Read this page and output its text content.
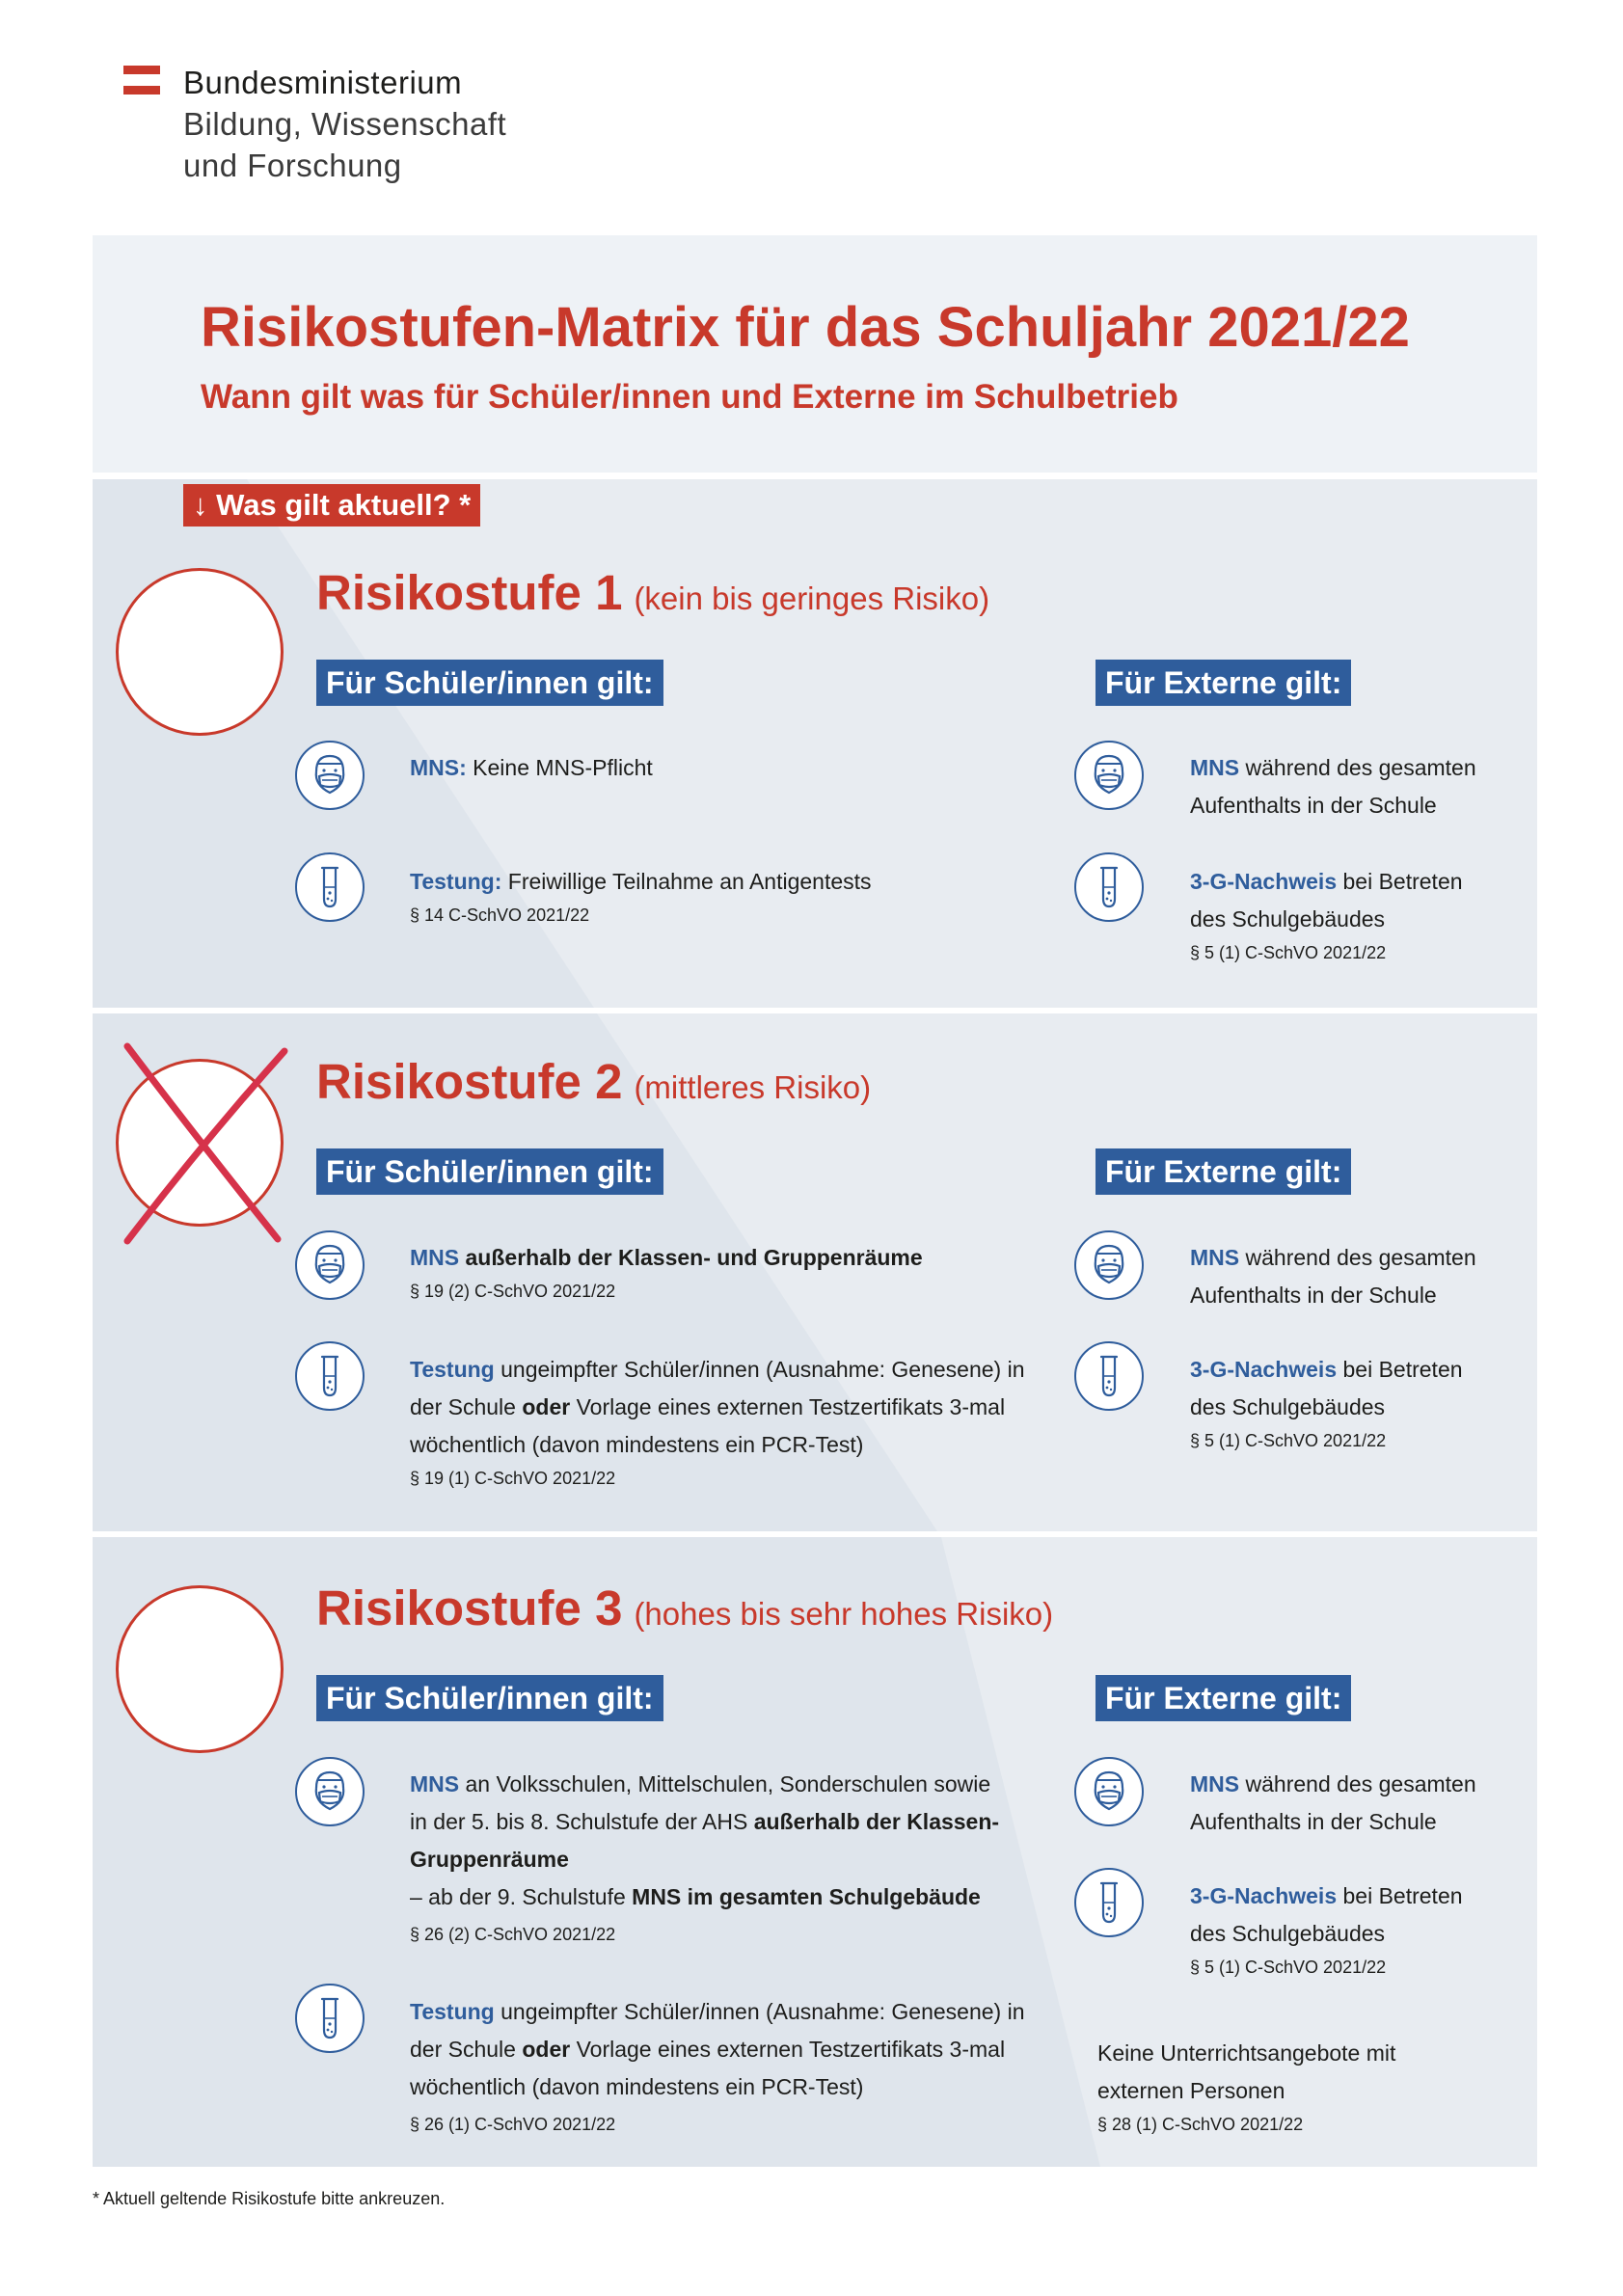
Bundesministerium
Bildung, Wissenschaft
und Forschung
Risikostufen-Matrix für das Schuljahr 2021/22
Wann gilt was für Schüler/innen und Externe im Schulbetrieb
↓ Was gilt aktuell? *
Risikostufe 1 (kein bis geringes Risiko)
Für Schüler/innen gilt:	Für Externe gilt:
MNS: Keine MNS-Pflicht
Testung: Freiwillige Teilnahme an Antigentests
§ 14 C-SchVO 2021/22
MNS während des gesamten
Aufenthalts in der Schule
3-G-Nachweis bei Betreten
des Schulgebäudes
§ 5 (1) C-SchVO 2021/22
Risikostufe 2 (mittleres Risiko)
Für Schüler/innen gilt:	Für Externe gilt:
MNS außerhalb der Klassen- und Gruppenräume
§ 19 (2) C-SchVO 2021/22
Testung ungeimpfter Schüler/innen (Ausnahme: Genesene) in
der Schule oder Vorlage eines externen Testzertifikats 3-mal
wöchentlich (davon mindestens ein PCR-Test)
§ 19 (1) C-SchVO 2021/22
MNS während des gesamten
Aufenthalts in der Schule
3-G-Nachweis bei Betreten
des Schulgebäudes
§ 5 (1) C-SchVO 2021/22
Risikostufe 3 (hohes bis sehr hohes Risiko)
Für Schüler/innen gilt:	Für Externe gilt:
MNS an Volksschulen, Mittelschulen, Sonderschulen sowie
in der 5. bis 8. Schulstufe der AHS außerhalb der Klassen-
Gruppenräume
– ab der 9. Schulstufe MNS im gesamten Schulgebäude
§ 26 (2) C-SchVO 2021/22
Testung ungeimpfter Schüler/innen (Ausnahme: Genesene) in
der Schule oder Vorlage eines externen Testzertifikats 3-mal
wöchentlich (davon mindestens ein PCR-Test)
§ 26 (1) C-SchVO 2021/22
MNS während des gesamten
Aufenthalts in der Schule
3-G-Nachweis bei Betreten
des Schulgebäudes
§ 5 (1) C-SchVO 2021/22
Keine Unterrichtsangebote mit
externen Personen
§ 28 (1) C-SchVO 2021/22
* Aktuell geltende Risikostufe bitte ankreuzen.
